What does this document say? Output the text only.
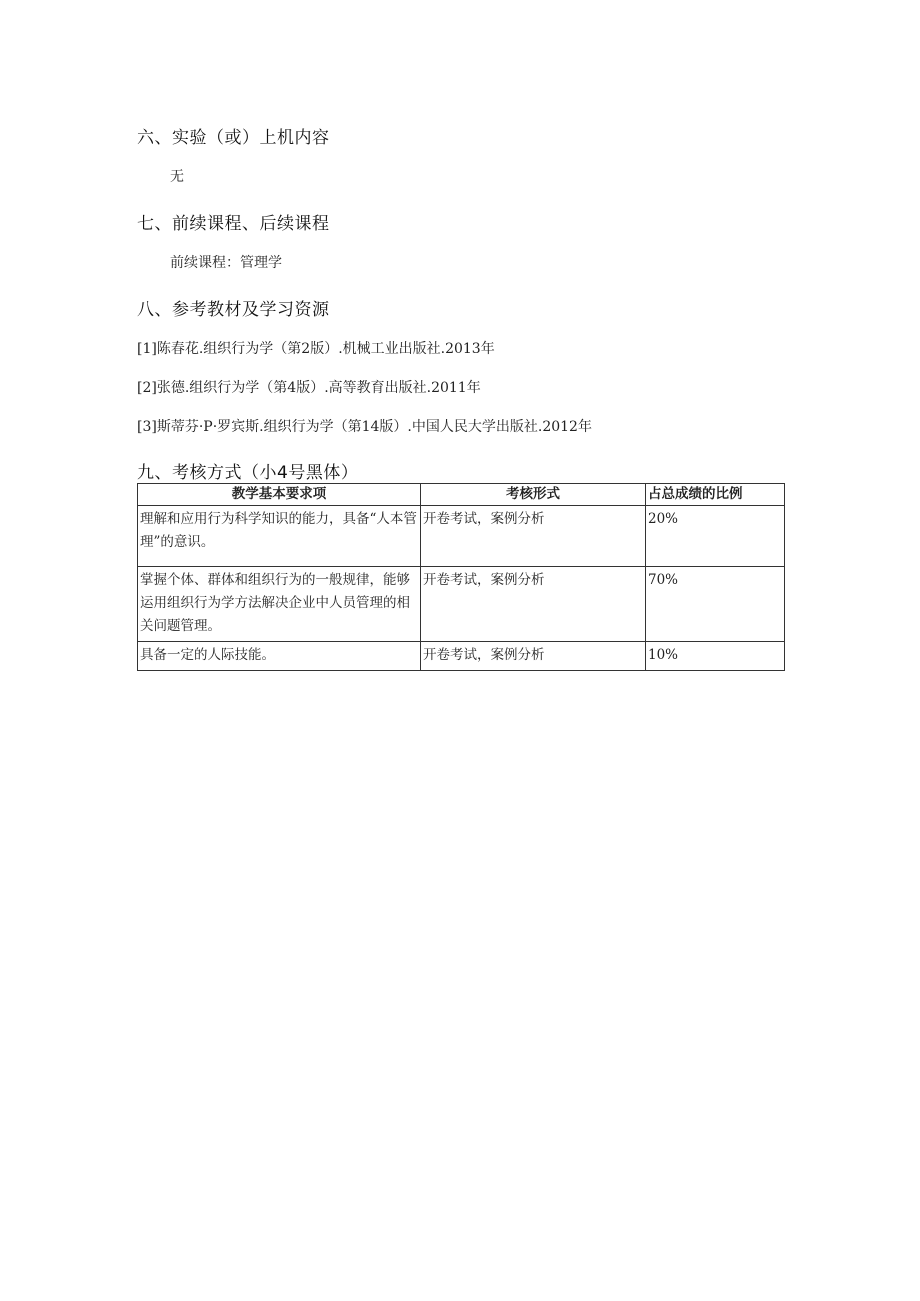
六、实验（或）上机内容
无
七、前续课程、后续课程
前续课程：管理学
八、参考教材及学习资源
[1]陈春花.组织行为学（第2版）.机械工业出版社.2013年
[2]张德.组织行为学（第4版）.高等教育出版社.2011年
[3]斯蒂芬·P·罗宾斯.组织行为学（第14版）.中国人民大学出版社.2012年
九、考核方式（小4号黑体）
教学基本要求项	考核形式	占总成绩的比例
理解和应用行为科学知识的能力，具备“人本管理”的意识。	开卷考试，案例分析	20%
掌握个体、群体和组织行为的一般规律，能够运用组织行为学方法解决企业中人员管理的相关问题管理。	开卷考试，案例分析	70%
具备一定的人际技能。	开卷考试，案例分析	10%
